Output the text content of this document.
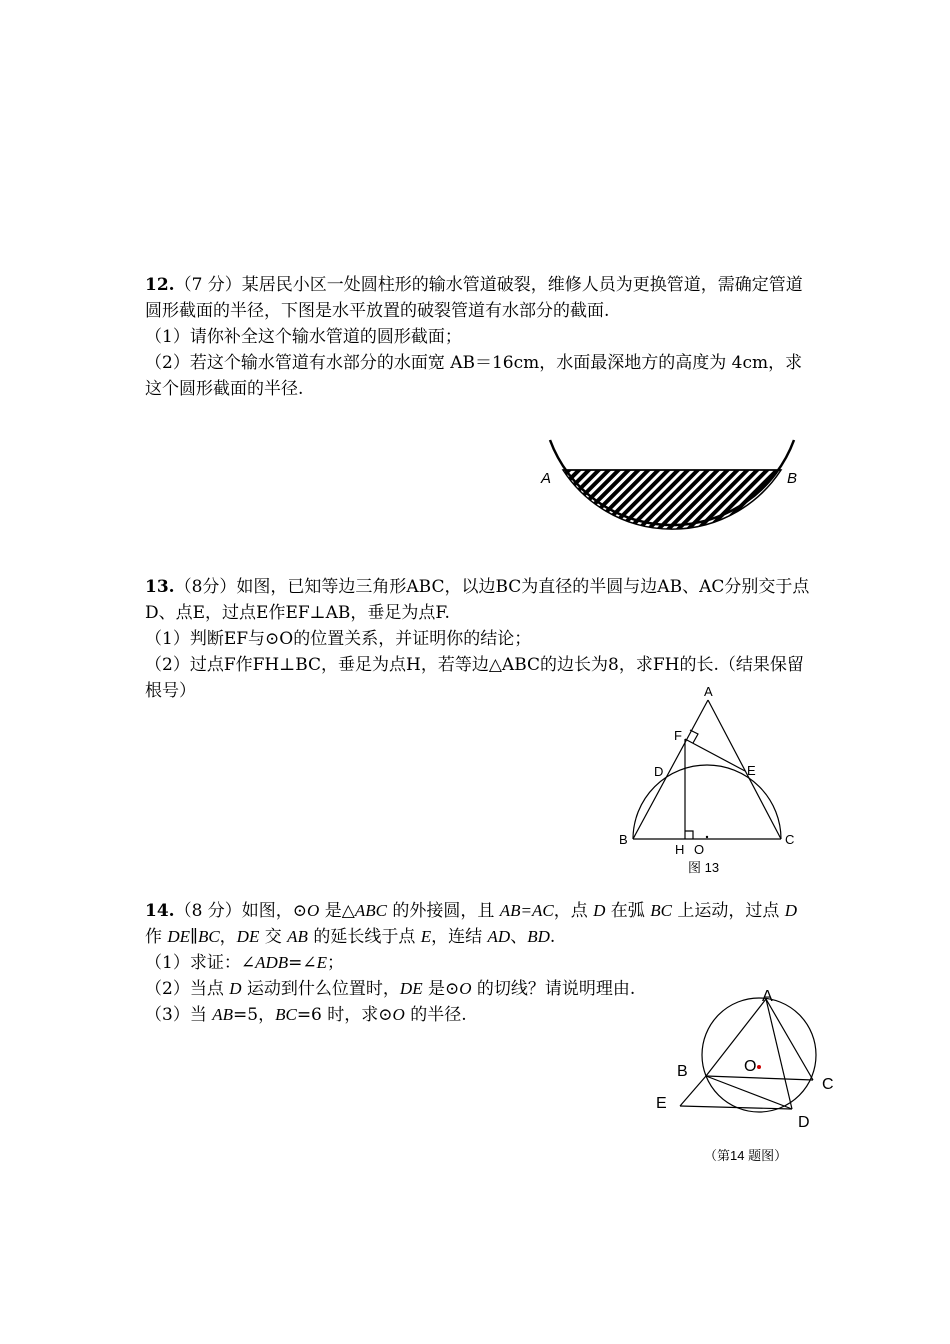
12.（7 分）某居民小区一处圆柱形的输水管道破裂，维修人员为更换管道，需确定管道圆形截面的半径，下图是水平放置的破裂管道有水部分的截面.

（1）请你补全这个输水管道的圆形截面；

（2）若这个输水管道有水部分的水面宽 AB＝16cm，水面最深地方的高度为 4cm，求这个圆形截面的半径.

A	B

13.（8分）如图，已知等边三角形ABC，以边BC为直径的半圆与边AB、AC分别交于点D、点E，过点E作EF⊥AB，垂足为点F.

（1）判断EF与⊙O的位置关系，并证明你的结论；

（2）过点F作FH⊥BC，垂足为点H，若等边△ABC的边长为8，求FH的长.（结果保留根号）	A
F
D	E
B	C
H O
图 13

14.（8 分）如图，⊙O 是△ABC 的外接圆，且 AB=AC，点 D 在弧 BC 上运动，过点 D 作 DE∥BC，DE 交 AB 的延长线于点 E，连结 AD、BD.

（1）求证：∠ADB=∠E；

（2）当点 D 运动到什么位置时，DE 是⊙O 的切线？请说明理由.

（3）当 AB=5，BC=6 时，求⊙O 的半径.

A
B	O
C
E
D
（第14 题图）
